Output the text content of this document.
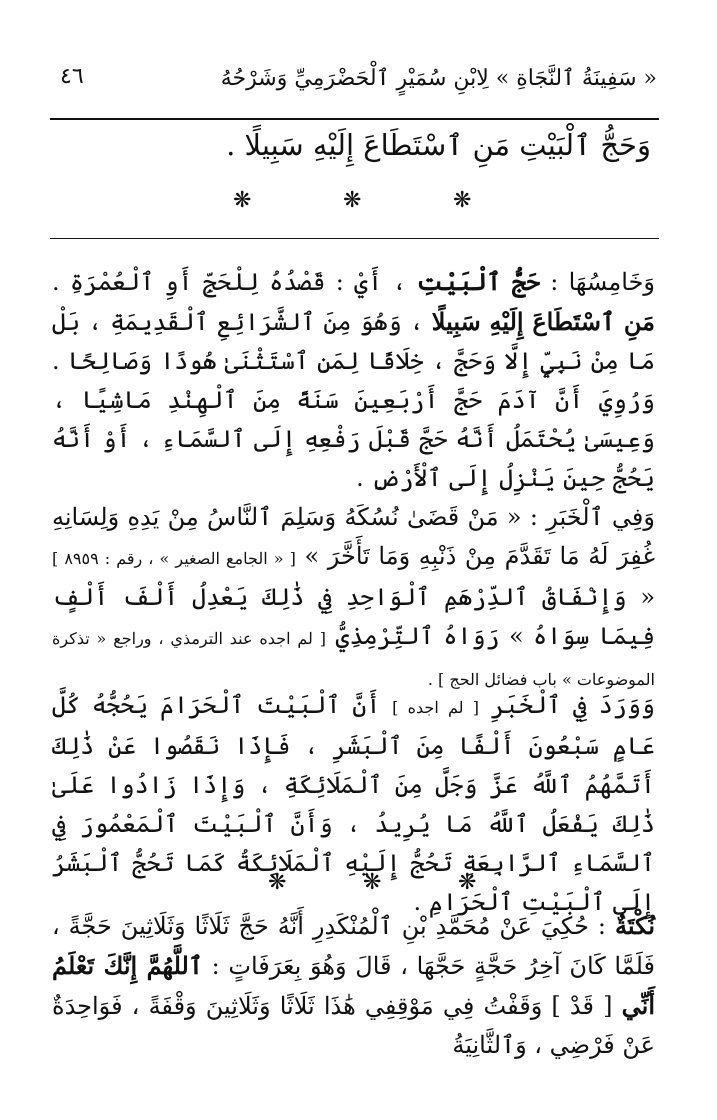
٤٦	« سَفِينَةُ ٱلنَّجَاةِ » لِابْنِ سُمَيْرٍ ٱلْحَضْرَمِيِّ وَشَرْحُهُ
وَحَجُّ ٱلْبَيْتِ مَنِ ٱسْتَطَاعَ إِلَيْهِ سَبِيلًا .
❋	❋	❋
وَخَامِسُهَا : حَجُّ ٱلْبَيْتِ ، أَيْ : قَصْدُهُ لِلْحَجِّ أَوِ ٱلْعُمْرَةِ . مَنِ ٱسْتَطَاعَ إِلَيْهِ سَبِيلًا ، وَهُوَ مِنَ ٱلشَّرَائِعِ ٱلْقَدِيمَةِ ، بَلْ مَا مِنْ نَبِيٍّ إِلَّا وَحَجَّ ، خِلَافًا لِمَنِ ٱسْتَثْنَىٰ هُودًا وَصَالِحًا . وَرُوِيَ أَنَّ آدَمَ حَجَّ أَرْبَعِينَ سَنَةً مِنَ ٱلْهِنْدِ مَاشِيًا ، وَعِيسَىٰ يُحْتَمَلُ أَنَّهُ حَجَّ قَبْلَ رَفْعِهِ إِلَى ٱلسَّمَاءِ ، أَوْ أَنَّهُ يَحُجُّ حِينَ يَنْزِلُ إِلَى ٱلْأَرْضِ .
وَفِي ٱلْخَبَرِ : « مَنْ قَضَىٰ نُسُكَهُ وَسَلِمَ ٱلنَّاسُ مِنْ يَدِهِ وَلِسَانِهِ غُفِرَ لَهُ مَا تَقَدَّمَ مِنْ ذَنْبِهِ وَمَا تَأَخَّرَ » [ « الجامع الصغير » ، رقم : ٨٩٥٩ ] « وَإِنْفَاقُ ٱلدِّرْهَمِ ٱلْوَاحِدِ فِي ذَٰلِكَ يَعْدِلُ أَلْفَ أَلْفٍ فِيمَا سِوَاهُ » رَوَاهُ ٱلتِّرْمِذِيُّ [ لم اجده عند الترمذي ، وراجع « تذكرة الموضوعات » باب فضائل الحج ] .
وَوَرَدَ فِي ٱلْخَبَرِ [ لم اجده ] أَنَّ ٱلْبَيْتَ ٱلْحَرَامَ يَحُجُّهُ كُلَّ عَامٍ سَبْعُونَ أَلْفًا مِنَ ٱلْبَشَرِ ، فَإِذَا نَقَصُوا عَنْ ذَٰلِكَ أَتَمَّهُمُ ٱللَّهُ عَزَّ وَجَلَّ مِنَ ٱلْمَلَائِكَةِ ، وَإِذَا زَادُوا عَلَىٰ ذَٰلِكَ يَفْعَلُ ٱللَّهُ مَا يُرِيدُ ، وَأَنَّ ٱلْبَيْتَ ٱلْمَعْمُورَ فِي ٱلسَّمَاءِ ٱلرَّابِعَةِ تَحُجُّ إِلَيْهِ ٱلْمَلَائِكَةُ كَمَا تَحُجُّ ٱلْبَشَرُ إِلَى ٱلْبَيْتِ ٱلْحَرَامِ .
❋	❋	❋
نُكْتَةٌ : حُكِيَ عَنْ مُحَمَّدِ بْنِ ٱلْمُنْكَدِرِ أَنَّهُ حَجَّ ثَلَاثًا وَثَلَاثِينَ حَجَّةً ، فَلَمَّا كَانَ آخِرُ حَجَّةٍ حَجَّهَا ، قَالَ وَهُوَ بِعَرَفَاتٍ : ٱللَّهُمَّ إِنَّكَ تَعْلَمُ أَنِّي [ قَدْ ] وَقَفْتُ فِي مَوْقِفِي هَٰذَا ثَلَاثًا وَثَلَاثِينَ وَقْفَةً ، فَوَاحِدَةٌ عَنْ فَرْضِي ، وَٱلثَّانِيَةُ
